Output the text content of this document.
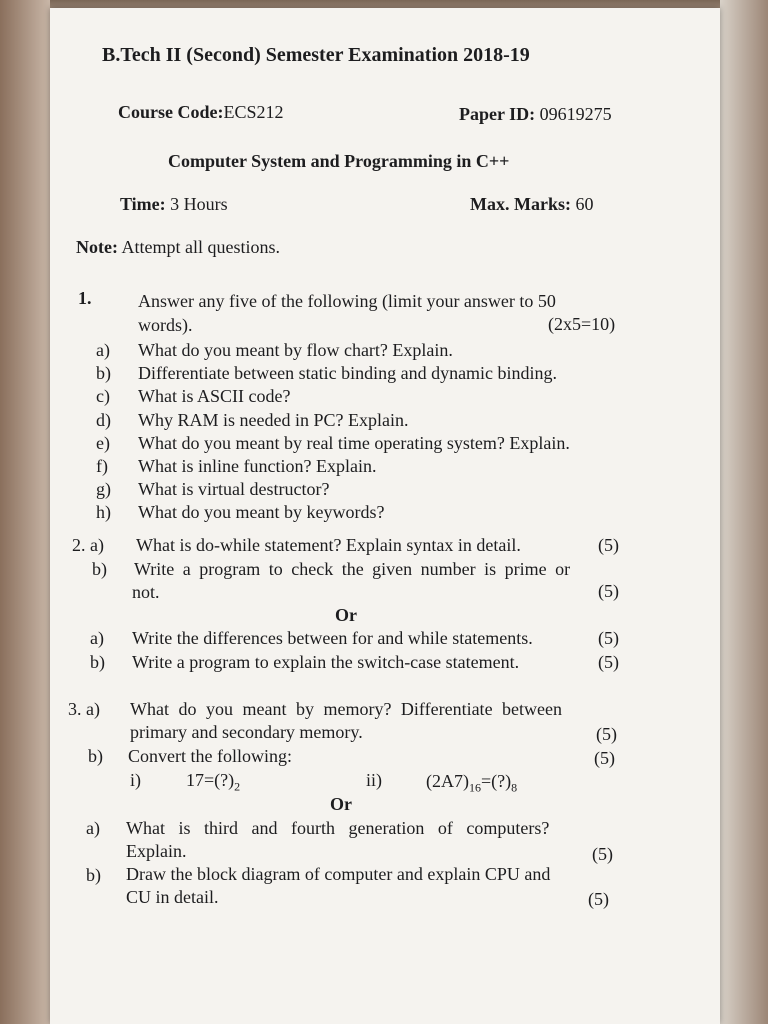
B.Tech II (Second) Semester Examination 2018-19
Course Code:ECS212	Paper ID: 09619275
Computer System and Programming in C++
Time: 3 Hours	Max. Marks: 60
Note: Attempt all questions.
1.	Answer any five of the following (limit your answer to 50
words).	(2x5=10)
a) What do you meant by flow chart? Explain.
b) Differentiate between static binding and dynamic binding.
c) What is ASCII code?
d) Why RAM is needed in PC? Explain.
e) What do you meant by real time operating system? Explain.
f) What is inline function? Explain.
g) What is virtual destructor?
h) What do you meant by keywords?
2. a) What is do-while statement? Explain syntax in detail.	(5)
b) Write a program to check the given number is prime or
not.	(5)
Or
a) Write the differences between for and while statements.	(5)
b) Write a program to explain the switch-case statement.	(5)
3. a) What do you meant by memory? Differentiate between
primary and secondary memory.	(5)
b) Convert the following:	(5)
i)	$17=(?)_2$	ii) $(2A7)_{16}=(?)_8$
Or
a) What is third and fourth generation of computers?
Explain.	(5)
b) Draw the block diagram of computer and explain CPU and
CU in detail.	(5)
